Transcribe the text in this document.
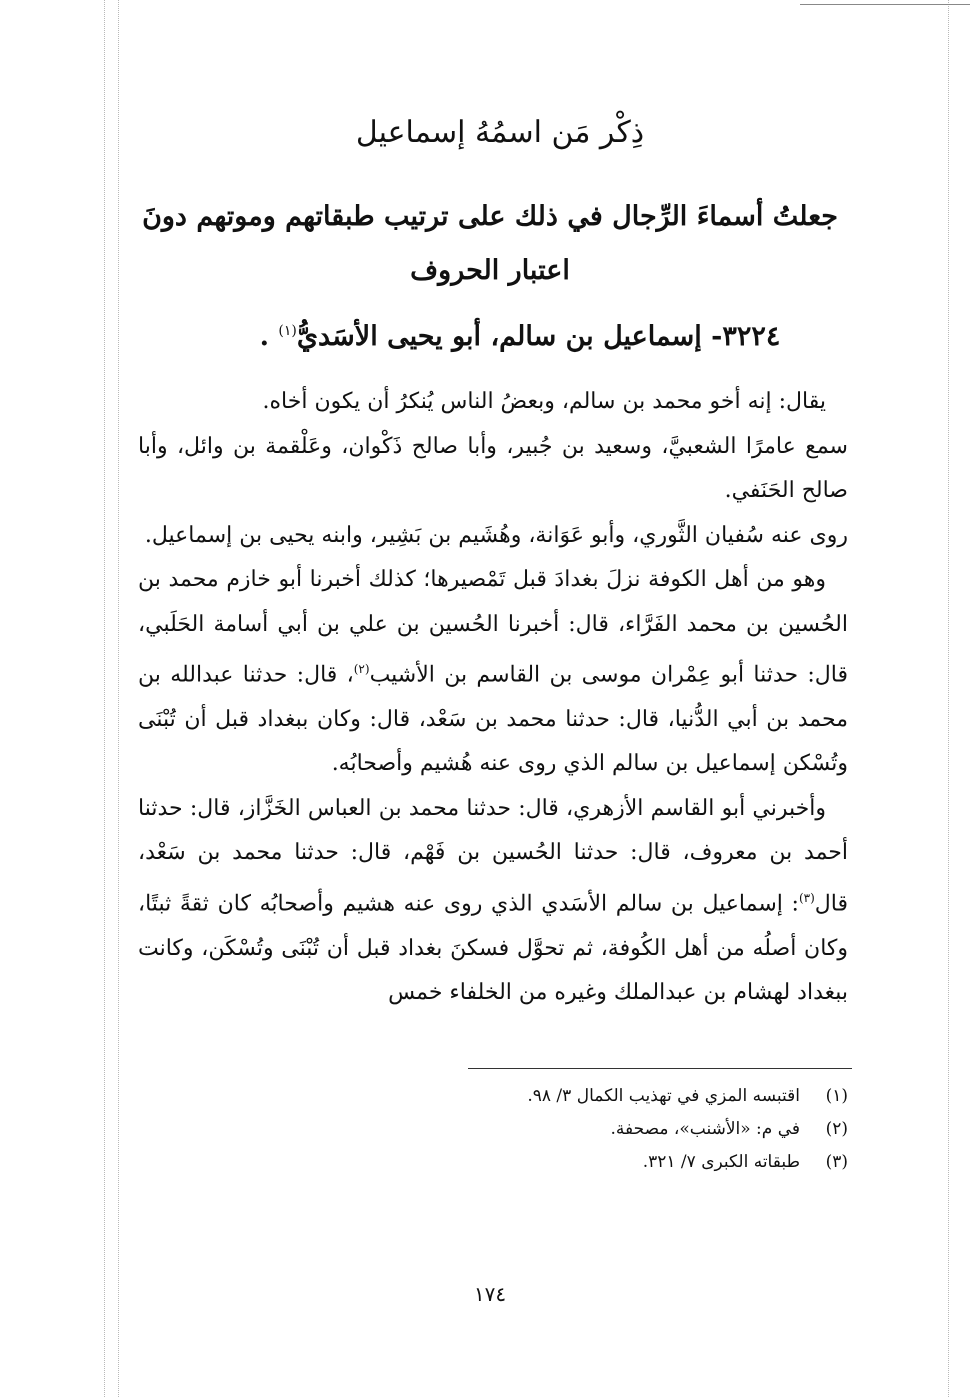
ذِكْر مَن اسمُهُ إسماعيل
جعلتُ أسماءَ الرِّجال في ذلك على ترتيب طبقاتهم وموتهم دونَ اعتبار الحروف
٣٢٢٤- إسماعيل بن سالم، أبو يحيى الأسَديُّ$^{(١)}$ .

يقال: إنه أخو محمد بن سالم، وبعضُ الناس يُنكرُ أن يكون أخاه.

سمع عامرًا الشعبيَّ، وسعيد بن جُبير، وأبا صالح ذَكْوان، وعَلْقمة بن وائل، وأبا صالح الحَنَفي.

روى عنه سُفيان الثَّوري، وأبو عَوَانة، وهُشَيم بن بَشِير، وابنه يحيى بن إسماعيل.

وهو من أهل الكوفة نزلَ بغدادَ قبل تَمْصيرها؛ كذلك أخبرنا أبو خازم محمد بن الحُسين بن محمد الفَرَّاء، قال: أخبرنا الحُسين بن علي بن أبي أسامة الحَلَبي، قال: حدثنا أبو عِمْران موسى بن القاسم بن الأشيب$^{(٢)}$، قال: حدثنا عبدالله بن محمد بن أبي الدُّنيا، قال: حدثنا محمد بن سَعْد، قال: وكان ببغداد قبل أن تُبْنَى وتُسْكن إسماعيل بن سالم الذي روى عنه هُشيم وأصحابُه.

وأخبرني أبو القاسم الأزهري، قال: حدثنا محمد بن العباس الخَزَّاز، قال: حدثنا أحمد بن معروف، قال: حدثنا الحُسين بن فَهْم، قال: حدثنا محمد بن سَعْد، قال$^{(٣)}$: إسماعيل بن سالم الأسَدي الذي روى عنه هشيم وأصحابُه كان ثقةً ثبتًا، وكان أصلُه من أهل الكُوفة، ثم تحوَّل فسكنَ بغداد قبل أن تُبْنَى وتُسْكَن، وكانت ببغداد لهشام بن عبدالملك وغيره من الخلفاء خمس

(١)
اقتبسه المزي في تهذيب الكمال ٣/ ٩٨.
(٢)
في م: «الأشنب»، مصحفة.
(٣)
طبقاته الكبرى ٧/ ٣٢١.
١٧٤
